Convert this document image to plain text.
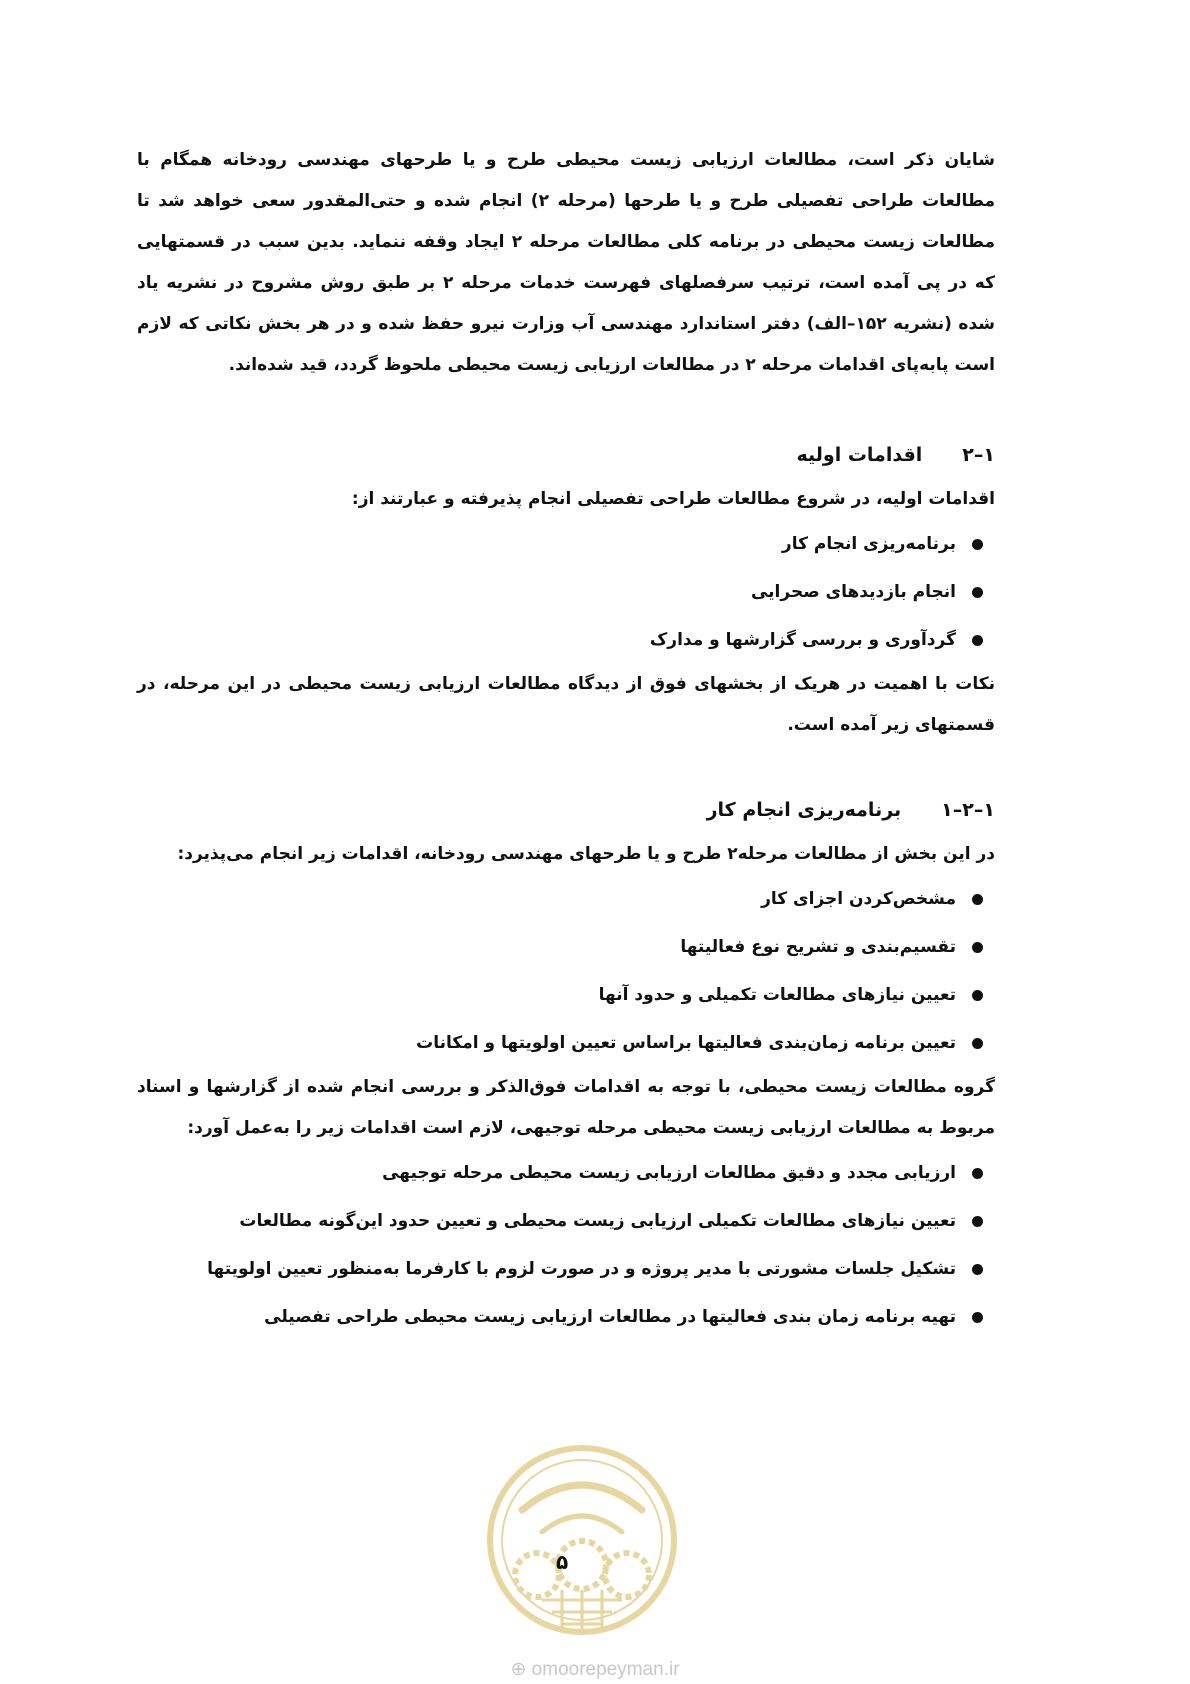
شایان ذکر است، مطالعات ارزیابی زیست محیطی طرح و یا طرحهای مهندسی رودخانه همگام با مطالعات طراحی تفصیلی طرح و یا طرحها (مرحله ۲) انجام شده و حتی‌المقدور سعی خواهد شد تا مطالعات زیست محیطی در برنامه کلی مطالعات مرحله ۲ ایجاد وقفه ننماید. بدین سبب در قسمتهایی که در پی آمده است، ترتیب سرفصلهای فهرست خدمات مرحله ۲ بر طبق روش مشروح در نشریه یاد شده (نشریه ۱۵۲–الف) دفتر استاندارد مهندسی آب وزارت نیرو حفظ شده و در هر بخش نکاتی که لازم است پابه‌پای اقدامات مرحله ۲ در مطالعات ارزیابی زیست محیطی ملحوظ گردد، قید شده‌اند.

۱–۲
اقدامات اولیه

اقدامات اولیه، در شروع مطالعات طراحی تفصیلی انجام پذیرفته و عبارتند از:

برنامه‌ریزی انجام کار
انجام بازدیدهای صحرایی
گردآوری و بررسی گزارشها و مدارک

نکات با اهمیت در هریک از بخشهای فوق از دیدگاه مطالعات ارزیابی زیست محیطی در این مرحله، در قسمتهای زیر آمده است.

۱–۲–۱
برنامه‌ریزی انجام کار

در این بخش از مطالعات مرحله۲ طرح و یا طرحهای مهندسی رودخانه، اقدامات زیر انجام می‌پذیرد:

مشخص‌کردن اجزای کار
تقسیم‌بندی و تشریح نوع فعالیتها
تعیین نیازهای مطالعات تکمیلی و حدود آنها
تعیین برنامه زمان‌بندی فعالیتها براساس تعیین اولویتها و امکانات

گروه مطالعات زیست محیطی، با توجه به اقدامات فوق‌الذکر و بررسی انجام شده از گزارشها و اسناد مربوط به مطالعات ارزیابی زیست محیطی مرحله توجیهی، لازم است اقدامات زیر را به‌عمل آورد:

ارزیابی مجدد و دقیق مطالعات ارزیابی زیست محیطی مرحله توجیهی
تعیین نیازهای مطالعات تکمیلی ارزیابی زیست محیطی و تعیین حدود این‌گونه مطالعات
تشکیل جلسات مشورتی با مدیر پروژه و در صورت لزوم با کارفرما به‌منظور تعیین اولویتها
تهیه برنامه زمان بندی فعالیتها در مطالعات ارزیابی زیست محیطی طراحی تفصیلی
۵
⊕ omoorepeyman.ir
